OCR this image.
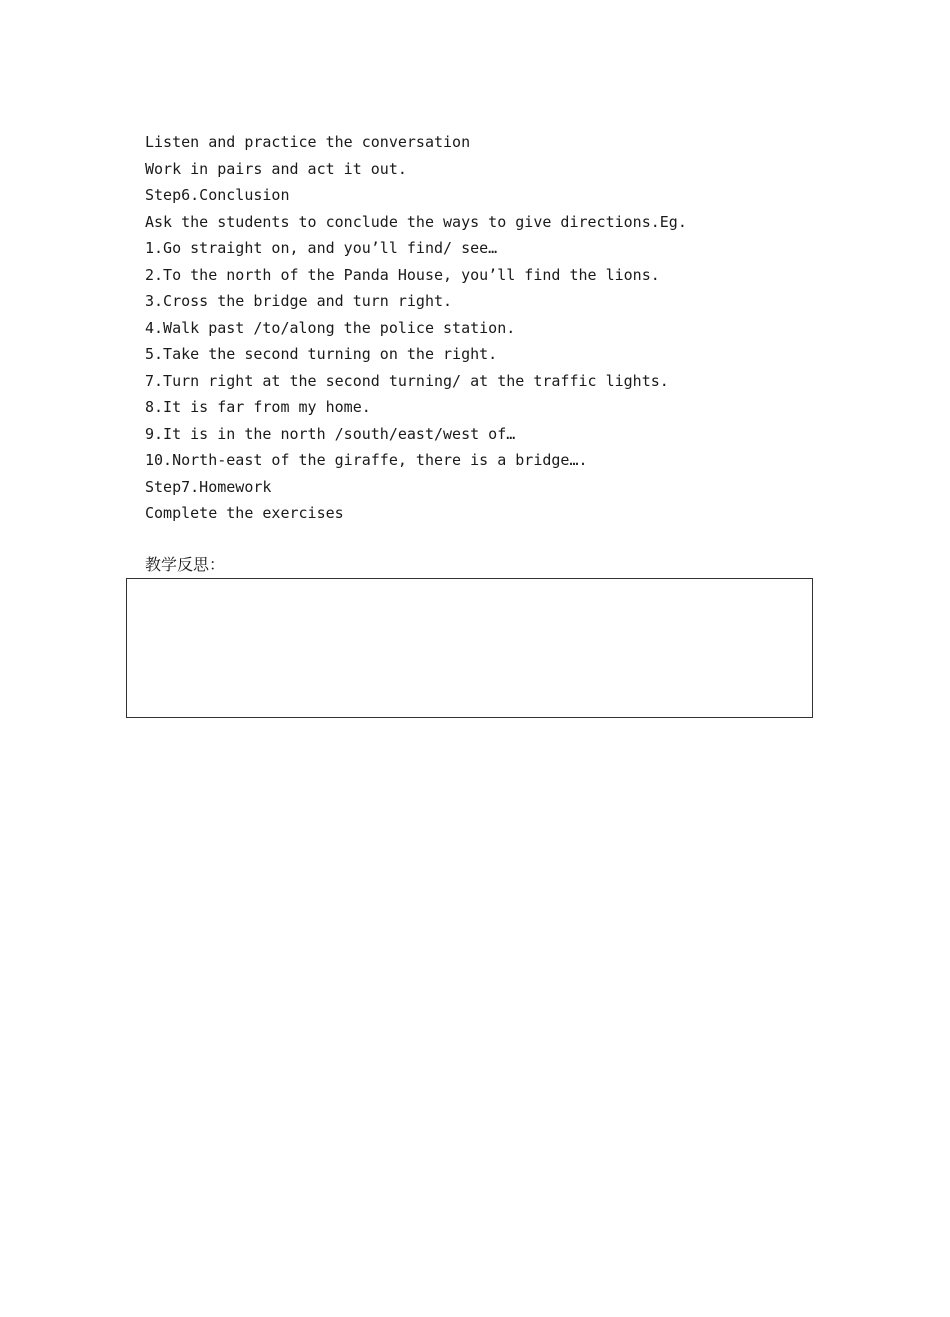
Listen and practice the conversation
Work in pairs and act it out.
Step6.Conclusion
Ask the students to conclude the ways to give directions.Eg.
1.Go straight on, and you’ll find/ see…
2.To the north of the Panda House, you’ll find the lions.
3.Cross the bridge and turn right.
4.Walk past /to/along the police station.
5.Take the second turning on the right.
7.Turn right at the second turning/ at the traffic lights.
8.It is far from my home.
9.It is in the north /south/east/west of…
10.North-east of the giraffe, there is a bridge….
Step7.Homework
Complete the exercises
教学反思：
